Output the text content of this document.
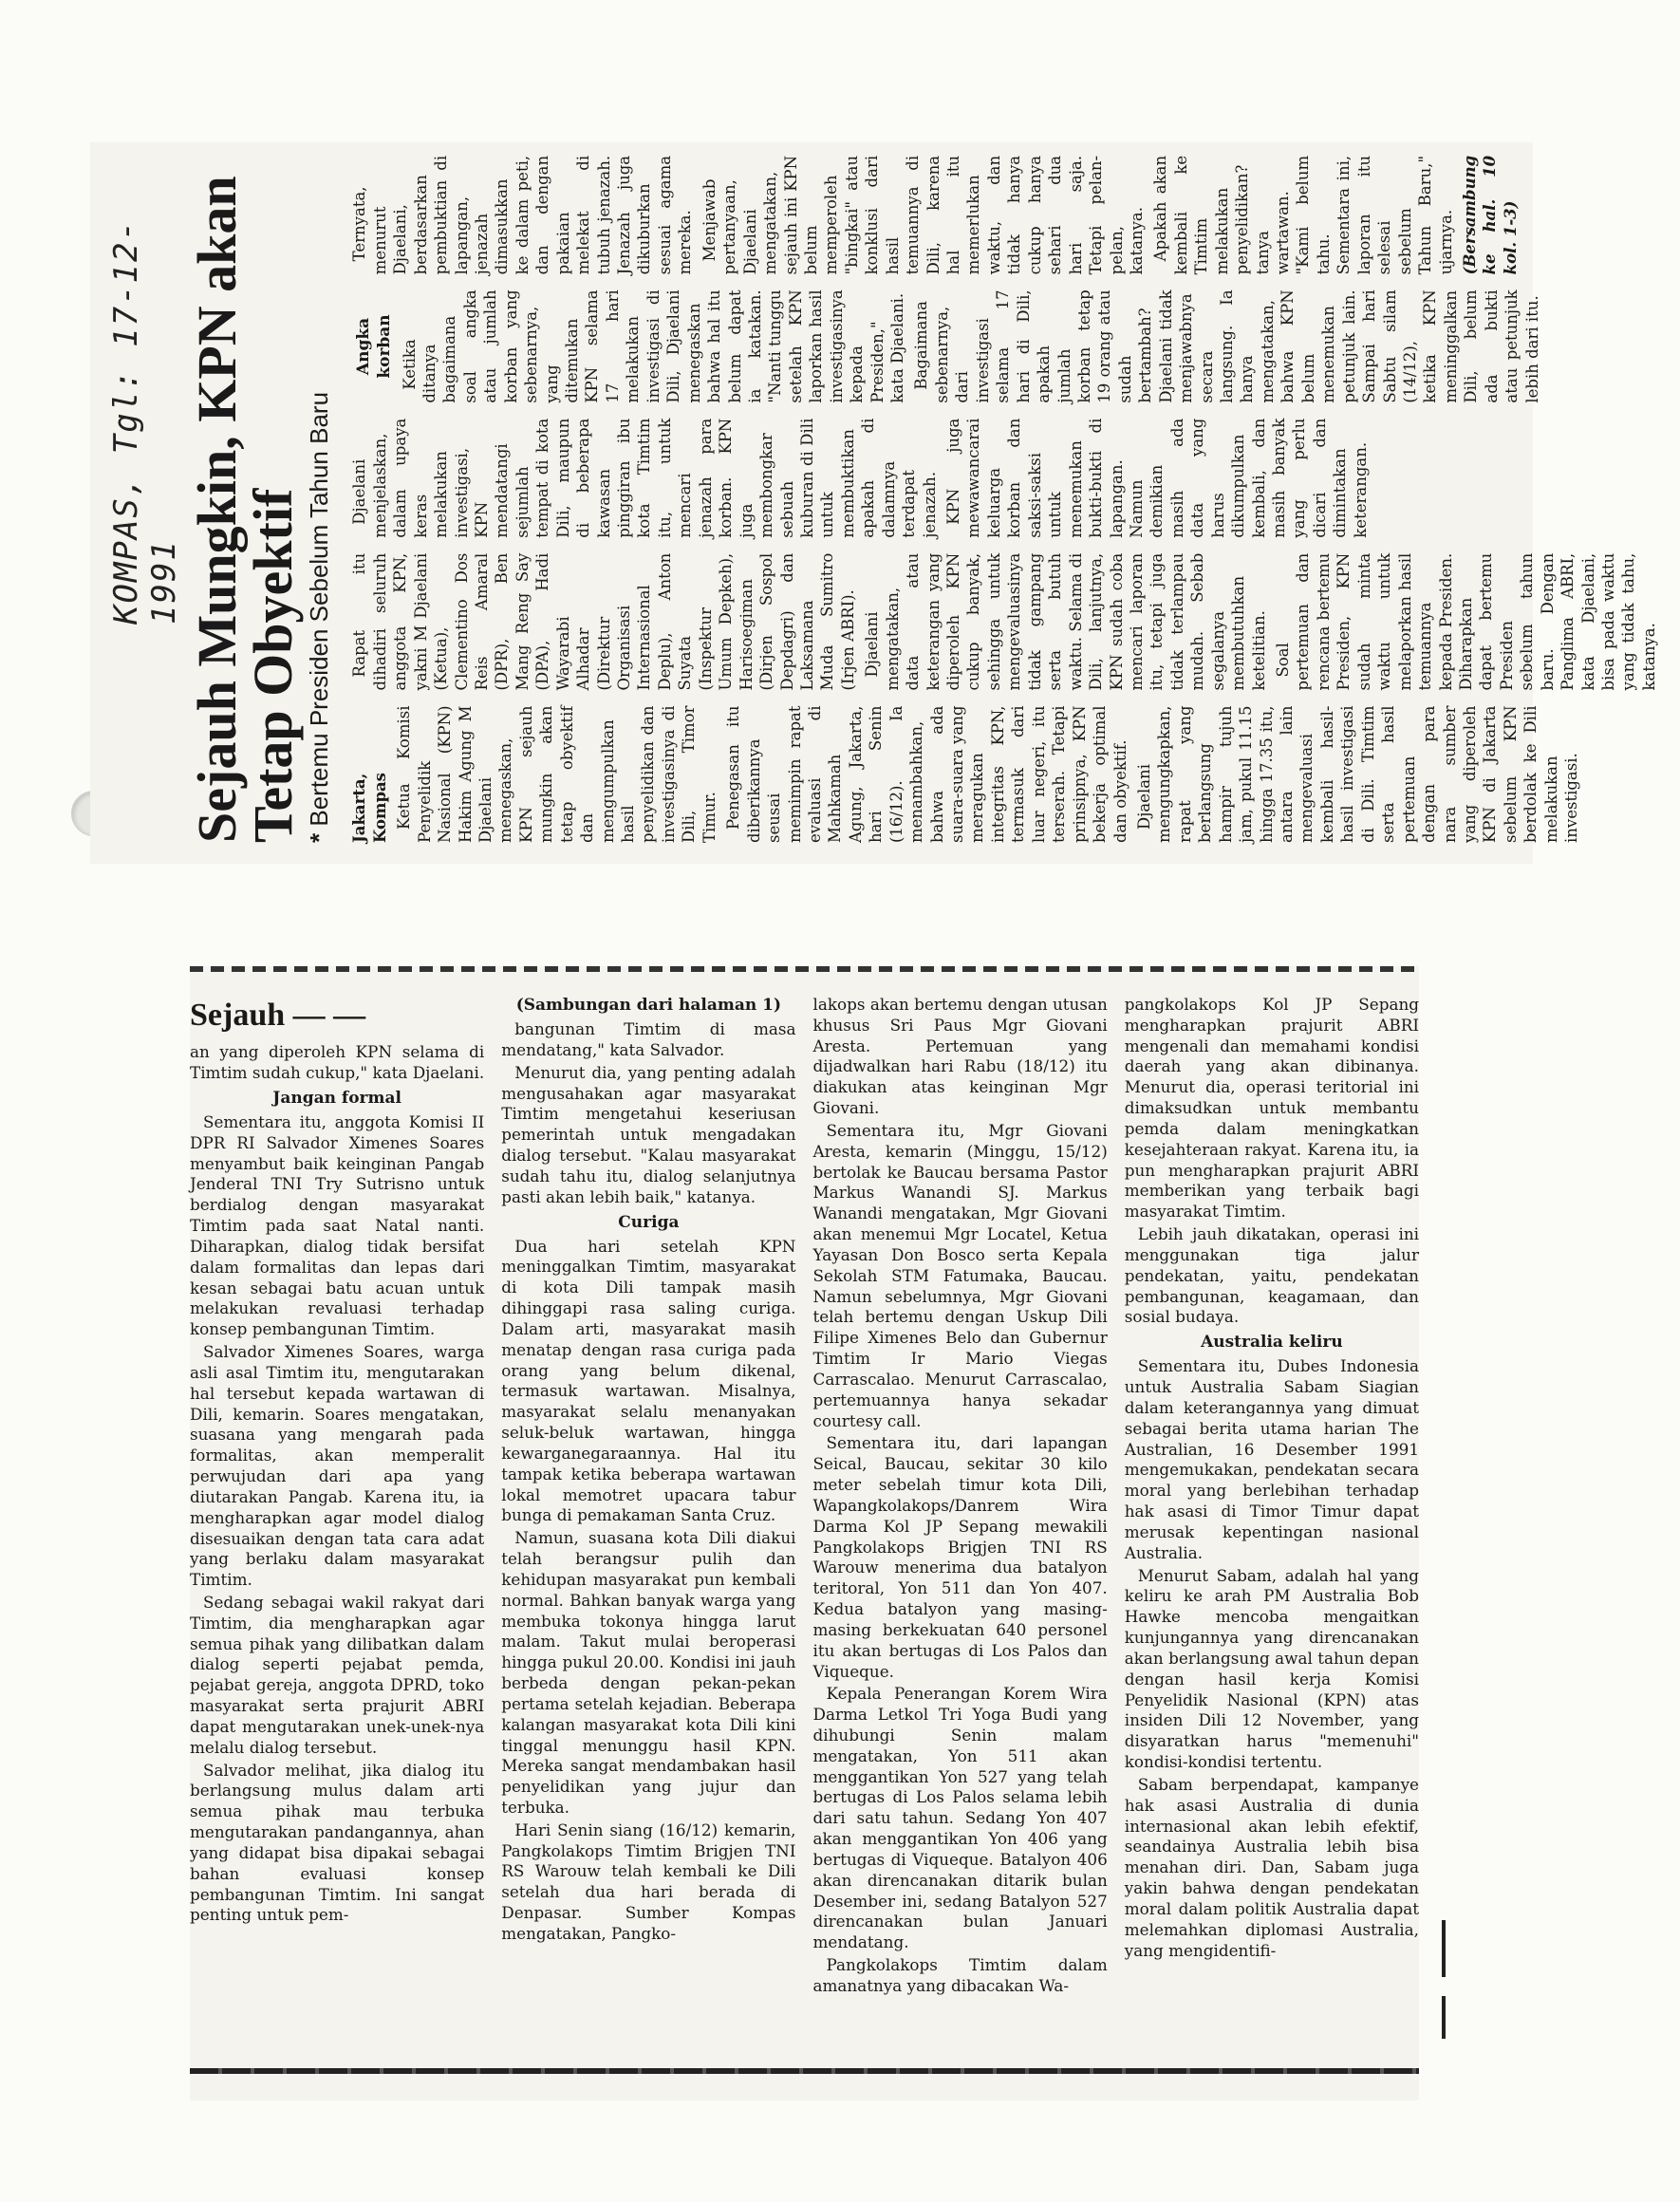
KOMPAS, Tgl: 17-12-1991 Sejauh Mungkin, KPN akan Tetap Obyektif * Bertemu Presiden Sebelum Tahun Baru Jakarta, Kompas Ketua Komisi Penyelidik Nasional (KPN) Hakim Agung M Djaelani menegaskan, KPN sejauh mungkin akan tetap obyektif dan mengumpulkan hasil penyelidikan dan investigasinya di Dili, Timor Timur. Penegasan itu diberikannya seusai memimpin rapat evaluasi di Mahkamah Agung, Jakarta, hari Senin (16/12). Ia menambahkan, bahwa ada suara-suara yang meragukan integritas KPN, termasuk dari luar negeri, itu terserah. Tetapi prinsipnya, KPN bekerja optimal dan obyektif. Djaelani mengungkapkan, rapat yang berlangsung hampir tujuh jam, pukul 11.15 hingga 17.35 itu, antara lain mengevaluasi kembali hasil-hasil investigasi di Dili. Timtim serta hasil pertemuan dengan para nara sumber yang diperoleh KPN di Jakarta sebelum KPN berdolak ke Dili melakukan investigasi.

Rapat itu dihadiri seluruh anggota KPN, yakni M Djaelani (Ketua), Clementino Dos Reis Amaral (DPR), Ben Mang Reng Say (DPA), Hadi Wayarabi Alhadar (Direktur Organisasi Internasional Deplu), Anton Suyata (Inspektur Umum Depkeh), Harisoegiman (Dirjen Sospol Depdagri) dan Laksamana Muda Sumitro (Irjen ABRI). Djaelani mengatakan, data atau keterangan yang diperoleh KPN cukup banyak, sehingga untuk mengevaluasinya tidak gampang serta butuh waktu. Selama di Dili, lanjutnya, KPN sudah coba mencari laporan itu, tetapi juga tidak terlampau mudah. Sebab segalanya membutuhkan ketelitian. Soal pertemuan dan rencana bertemu Presiden, KPN sudah minta waktu untuk melaporkan hasil temuannya kepada Presiden. Diharapkan dapat bertemu Presiden sebelum tahun baru. Dengan Panglima ABRI, kata Djaelani, bisa pada waktu yang tidak tahu, katanya.

Djaelani menjelaskan, dalam upaya keras melakukan investigasi, KPN mendatangi sejumlah tempat di kota Dili, maupun di beberapa kawasan pinggiran ibu kota Timtim itu, untuk mencari jenazah para korban. KPN juga membongkar sebuah kuburan di Dili untuk membuktikan apakah di dalamnya terdapat jenazah. KPN juga mewawancarai keluarga korban dan saksi-saksi untuk menemukan bukti-bukti di lapangan. Namun demikian masih ada data yang harus dikumpulkan kembali, dan masih banyak yang perlu dicari dan dimintakan keterangan.

Angka korban Ketika ditanya bagaimana soal angka atau jumlah korban yang sebenarnya, yang ditemukan KPN selama 17 hari melakukan investigasi di Dili, Djaelani menegaskan bahwa hal itu belum dapat ia katakan. "Nanti tunggu setelah KPN laporkan hasil investigasinya kepada Presiden," kata Djaelani. Bagaimana sebenarnya, dari investigasi selama 17 hari di Dili, apakah jumlah korban tetap 19 orang atau sudah bertambah? Djaelani tidak menjawabnya secara langsung. Ia hanya mengatakan, bahwa KPN belum menemukan petunjuk lain. Sampai hari Sabtu silam (14/12), ketika KPN meninggalkan Dili, belum ada bukti atau petunjuk lebih dari itu.

Ternyata, menurut Djaelani, berdasarkan pembuktian di lapangan, jenazah dimasukkan ke dalam peti, dan dengan pakaian melekat di tubuh jenazah. Jenazah juga dikuburkan sesuai agama mereka. Menjawab pertanyaan, Djaelani mengatakan, sejauh ini KPN belum memperoleh "bingkai" atau konklusi dari hasil temuannya di Dili, karena hal itu memerlukan waktu, dan tidak hanya cukup hanya sehari dua hari saja. Tetapi pelan-pelan, katanya. Apakah akan kembali ke Timtim melakukan penyelidikan? tanya wartawan. "Kami belum tahu. Sementara ini, laporan itu selesai sebelum Tahun Baru," ujarnya. (Bersambung ke hal. 10 kol. 1-3)

Sejauh — —

an yang diperoleh KPN selama di Timtim sudah cukup," kata Djaelani.

Jangan formal

Sementara itu, anggota Komisi II DPR RI Salvador Ximenes Soares menyambut baik keinginan Pangab Jenderal TNI Try Sutrisno untuk berdialog dengan masyarakat Timtim pada saat Natal nanti. Diharapkan, dialog tidak bersifat dalam formalitas dan lepas dari kesan sebagai batu acuan untuk melakukan revaluasi terhadap konsep pembangunan Timtim.

Salvador Ximenes Soares, warga asli asal Timtim itu, mengutarakan hal tersebut kepada wartawan di Dili, kemarin. Soares mengatakan, suasana yang mengarah pada formalitas, akan memperalit perwujudan dari apa yang diutarakan Pangab. Karena itu, ia mengharapkan agar model dialog disesuaikan dengan tata cara adat yang berlaku dalam masyarakat Timtim.

Sedang sebagai wakil rakyat dari Timtim, dia mengharapkan agar semua pihak yang dilibatkan dalam dialog seperti pejabat pemda, pejabat gereja, anggota DPRD, toko masyarakat serta prajurit ABRI dapat mengutarakan unek-unek-nya melalu dialog tersebut.

Salvador melihat, jika dialog itu berlangsung mulus dalam arti semua pihak mau terbuka mengutarakan pandangannya, ahan yang didapat bisa dipakai sebagai bahan evaluasi konsep pembangunan Timtim. Ini sangat penting untuk pem-

(Sambungan dari halaman 1)

bangunan Timtim di masa mendatang," kata Salvador.

Menurut dia, yang penting adalah mengusahakan agar masyarakat Timtim mengetahui keseriusan pemerintah untuk mengadakan dialog tersebut. "Kalau masyarakat sudah tahu itu, dialog selanjutnya pasti akan lebih baik," katanya.

Curiga

Dua hari setelah KPN meninggalkan Timtim, masyarakat di kota Dili tampak masih dihinggapi rasa saling curiga. Dalam arti, masyarakat masih menatap dengan rasa curiga pada orang yang belum dikenal, termasuk wartawan. Misalnya, masyarakat selalu menanyakan seluk-beluk wartawan, hingga kewarganegaraannya. Hal itu tampak ketika beberapa wartawan lokal memotret upacara tabur bunga di pemakaman Santa Cruz.

Namun, suasana kota Dili diakui telah berangsur pulih dan kehidupan masyarakat pun kembali normal. Bahkan banyak warga yang membuka tokonya hingga larut malam. Takut mulai beroperasi hingga pukul 20.00. Kondisi ini jauh berbeda dengan pekan-pekan pertama setelah kejadian. Beberapa kalangan masyarakat kota Dili kini tinggal menunggu hasil KPN. Mereka sangat mendambakan hasil penyelidikan yang jujur dan terbuka.

Hari Senin siang (16/12) kemarin, Pangkolakops Timtim Brigjen TNI RS Warouw telah kembali ke Dili setelah dua hari berada di Denpasar. Sumber Kompas mengatakan, Pangko-

lakops akan bertemu dengan utusan khusus Sri Paus Mgr Giovani Aresta. Pertemuan yang dijadwalkan hari Rabu (18/12) itu diakukan atas keinginan Mgr Giovani.

Sementara itu, Mgr Giovani Aresta, kemarin (Minggu, 15/12) bertolak ke Baucau bersama Pastor Markus Wanandi SJ. Markus Wanandi mengatakan, Mgr Giovani akan menemui Mgr Locatel, Ketua Yayasan Don Bosco serta Kepala Sekolah STM Fatumaka, Baucau. Namun sebelumnya, Mgr Giovani telah bertemu dengan Uskup Dili Filipe Ximenes Belo dan Gubernur Timtim Ir Mario Viegas Carrascalao. Menurut Carrascalao, pertemuannya hanya sekadar courtesy call.

Sementara itu, dari lapangan Seical, Baucau, sekitar 30 kilo meter sebelah timur kota Dili, Wapangkolakops/Danrem Wira Darma Kol JP Sepang mewakili Pangkolakops Brigjen TNI RS Warouw menerima dua batalyon teritoral, Yon 511 dan Yon 407. Kedua batalyon yang masing-masing berkekuatan 640 personel itu akan bertugas di Los Palos dan Viqueque.

Kepala Penerangan Korem Wira Darma Letkol Tri Yoga Budi yang dihubungi Senin malam mengatakan, Yon 511 akan menggantikan Yon 527 yang telah bertugas di Los Palos selama lebih dari satu tahun. Sedang Yon 407 akan menggantikan Yon 406 yang bertugas di Viqueque. Batalyon 406 akan direncanakan ditarik bulan Desember ini, sedang Batalyon 527 direncanakan bulan Januari mendatang.

Pangkolakops Timtim dalam amanatnya yang dibacakan Wa-

pangkolakops Kol JP Sepang mengharapkan prajurit ABRI mengenali dan memahami kondisi daerah yang akan dibinanya. Menurut dia, operasi teritorial ini dimaksudkan untuk membantu pemda dalam meningkatkan kesejahteraan rakyat. Karena itu, ia pun mengharapkan prajurit ABRI memberikan yang terbaik bagi masyarakat Timtim.

Lebih jauh dikatakan, operasi ini menggunakan tiga jalur pendekatan, yaitu, pendekatan pembangunan, keagamaan, dan sosial budaya.

Australia keliru

Sementara itu, Dubes Indonesia untuk Australia Sabam Siagian dalam keterangannya yang dimuat sebagai berita utama harian The Australian, 16 Desember 1991 mengemukakan, pendekatan secara moral yang berlebihan terhadap hak asasi di Timor Timur dapat merusak kepentingan nasional Australia.

Menurut Sabam, adalah hal yang keliru ke arah PM Australia Bob Hawke mencoba mengaitkan kunjungannya yang direncanakan akan berlangsung awal tahun depan dengan hasil kerja Komisi Penyelidik Nasional (KPN) atas insiden Dili 12 November, yang disyaratkan harus "memenuhi" kondisi-kondisi tertentu.

Sabam berpendapat, kampanye hak asasi Australia di dunia internasional akan lebih efektif, seandainya Australia lebih bisa menahan diri. Dan, Sabam juga yakin bahwa dengan pendekatan moral dalam politik Australia dapat melemahkan diplomasi Australia, yang mengidentifi-
